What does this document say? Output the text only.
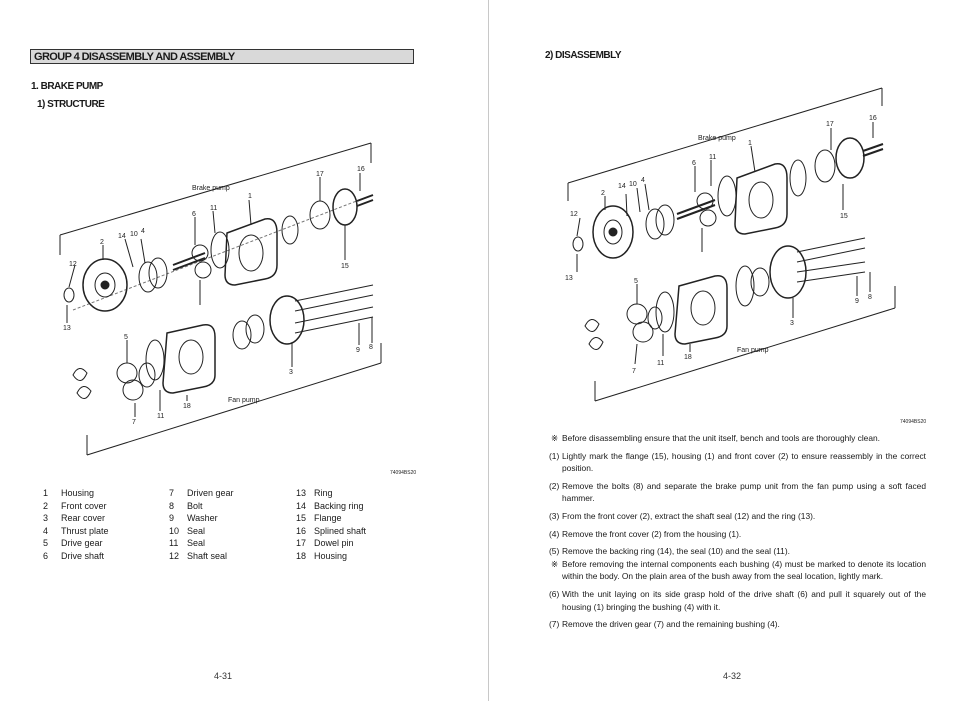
GROUP 4 DISASSEMBLY AND ASSEMBLY
1. BRAKE PUMP
1) STRUCTURE
Brake pump
Fan pump
17
16
11
6
14 10 4
1
2
12	15
13
5
7
11
18
3
9 8
74094BS20
1 Housing
2 Front cover
3 Rear cover
4 Thrust plate
5 Drive gear
6 Drive shaft
7 Driven gear
8 Bolt
9 Washer
10 Seal
11 Seal
12 Shaft seal
13 Ring
14 Backing ring
15 Flange
16 Splined shaft
17 Dowel pin
18 Housing
4-31
2) DISASSEMBLY
Brake pump
Fan pump
17
16
11
6
14 10
4
1
2
12	15
13	5
7
11
18
3
9
8
74094BS20
※ Before disassembling ensure that the unit itself, bench and tools are thoroughly clean.
(1) Lightly mark the flange (15), housing (1) and front cover (2) to ensure reassembly in the correct position.
(2) Remove the bolts (8) and separate the brake pump unit from the fan pump using a soft faced hammer.
(3) From the front cover (2), extract the shaft seal (12) and the ring (13).
(4) Remove the front cover (2) from the housing (1).
(5) Remove the backing ring (14), the seal (10) and the seal (11).
※ Before removing the internal components each bushing (4) must be marked to denote its location within the body. On the plain area of the bush away from the seal location, lightly mark.
(6) With the unit laying on its side grasp hold of the drive shaft (6) and pull it squarely out of the housing (1) bringing the bushing (4) with it.
(7) Remove the driven gear (7) and the remaining bushing (4).
4-32
